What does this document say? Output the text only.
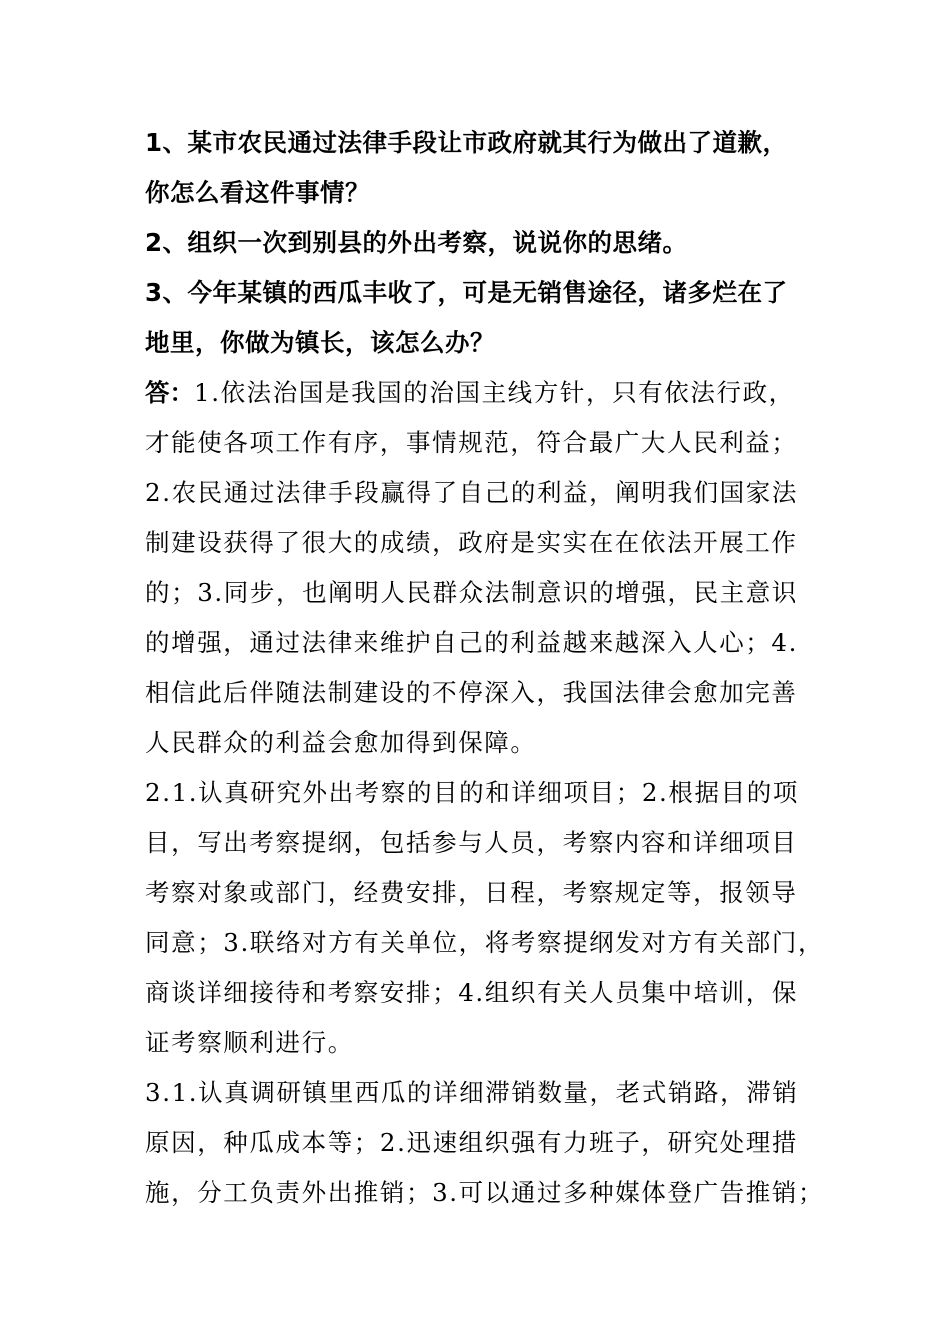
1、某市农民通过法律手段让市政府就其行为做出了道歉，
你怎么看这件事情？
2、组织一次到别县的外出考察，说说你的思绪。
3、今年某镇的西瓜丰收了，可是无销售途径，诸多烂在了
地里，你做为镇长，该怎么办？
答：1.依法治国是我国的治国主线方针，只有依法行政，
才能使各项工作有序，事情规范，符合最广大人民利益；
2.农民通过法律手段赢得了自己的利益，阐明我们国家法
制建设获得了很大的成绩，政府是实实在在依法开展工作
的；3.同步，也阐明人民群众法制意识的增强，民主意识
的增强，通过法律来维护自己的利益越来越深入人心；4.
相信此后伴随法制建设的不停深入，我国法律会愈加完善
人民群众的利益会愈加得到保障。
2.1.认真研究外出考察的目的和详细项目；2.根据目的项
目，写出考察提纲，包括参与人员，考察内容和详细项目
考察对象或部门，经费安排，日程，考察规定等，报领导
同意；3.联络对方有关单位，将考察提纲发对方有关部门，
商谈详细接待和考察安排；4.组织有关人员集中培训，保
证考察顺利进行。
3.1.认真调研镇里西瓜的详细滞销数量，老式销路，滞销
原因，种瓜成本等；2.迅速组织强有力班子，研究处理措
施，分工负责外出推销；3.可以通过多种媒体登广告推销；
